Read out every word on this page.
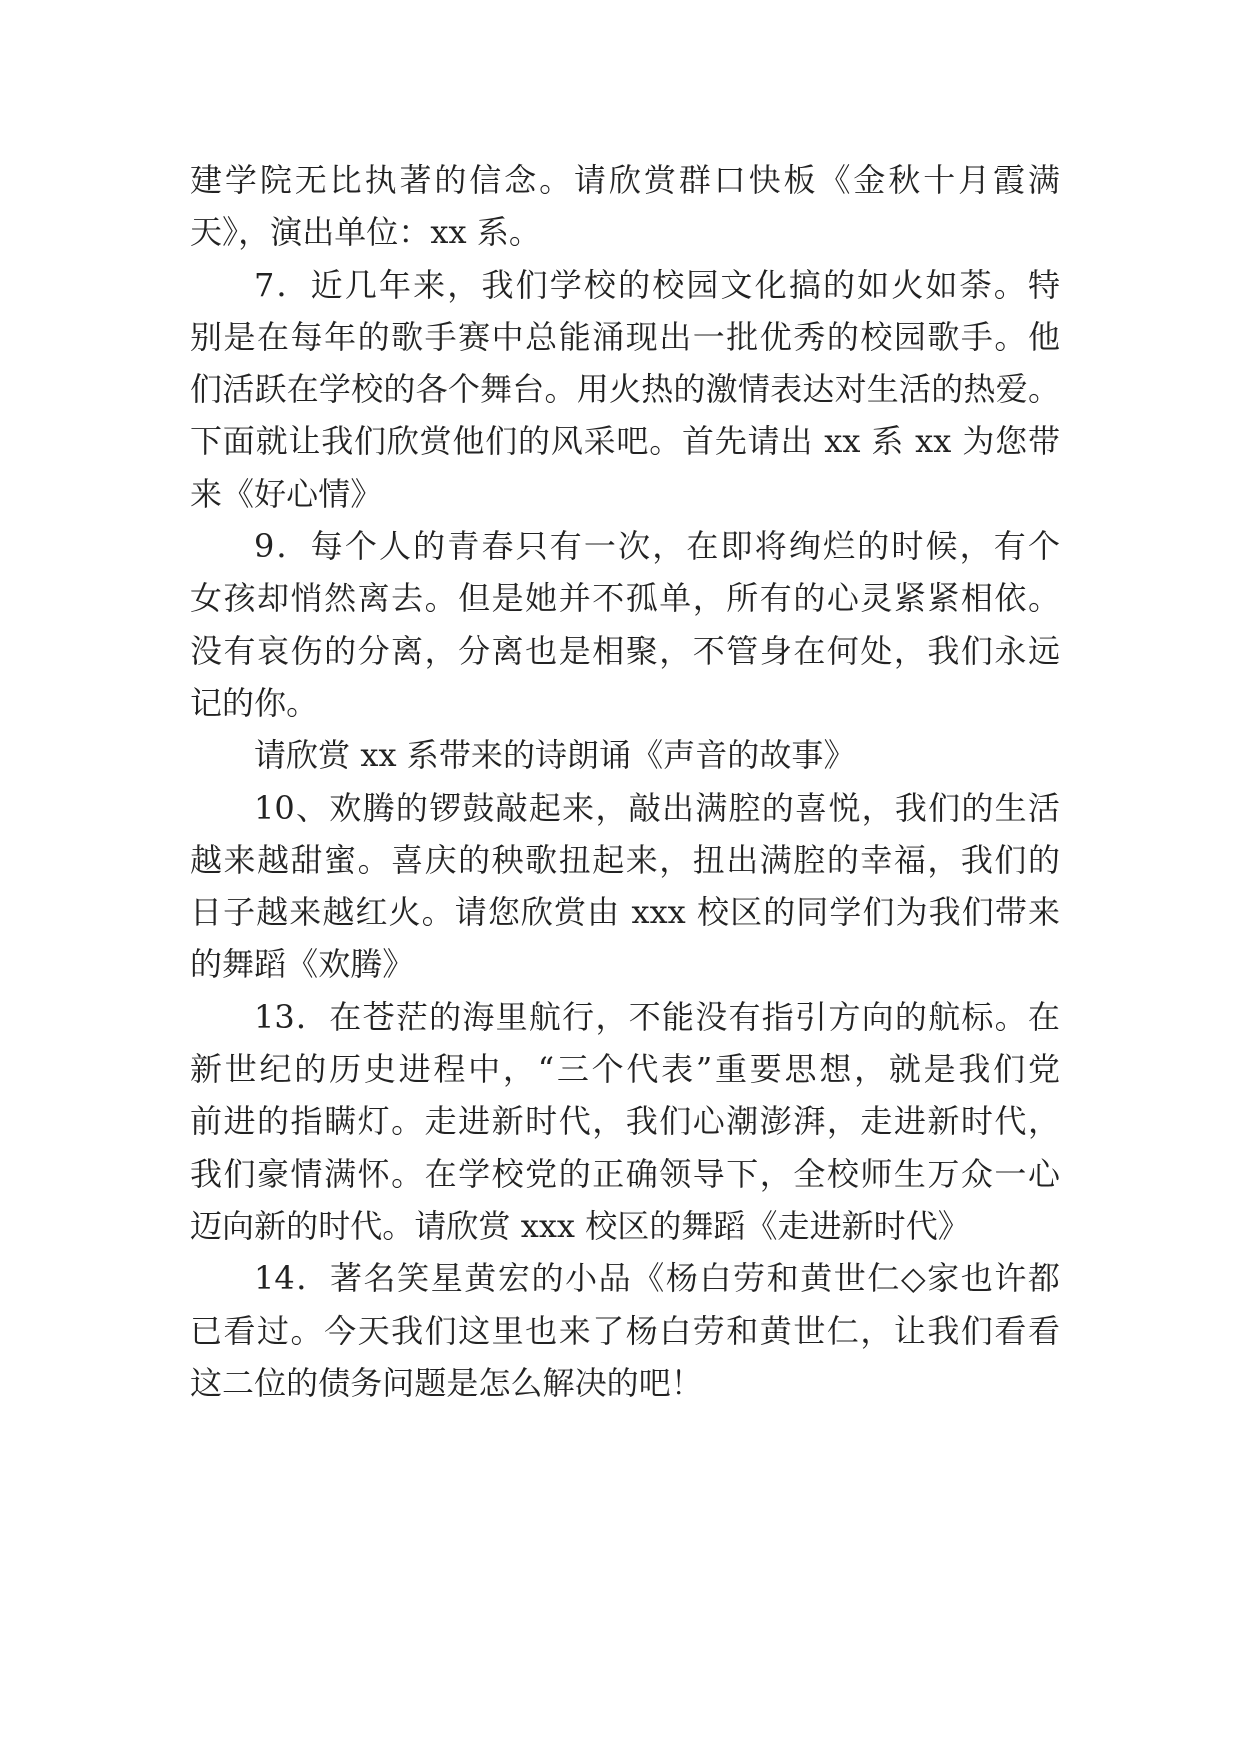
建学院无比执著的信念。请欣赏群口快板《金秋十月霞满
天》，演出单位：xx 系。
7．近几年来，我们学校的校园文化搞的如火如荼。特
别是在每年的歌手赛中总能涌现出一批优秀的校园歌手。他
们活跃在学校的各个舞台。用火热的激情表达对生活的热爱。
下面就让我们欣赏他们的风采吧。首先请出 xx 系 xx 为您带
来《好心情》
9．每个人的青春只有一次，在即将绚烂的时候，有个
女孩却悄然离去。但是她并不孤单，所有的心灵紧紧相依。
没有哀伤的分离，分离也是相聚，不管身在何处，我们永远
记的你。
请欣赏 xx 系带来的诗朗诵《声音的故事》
10、欢腾的锣鼓敲起来，敲出满腔的喜悦，我们的生活
越来越甜蜜。喜庆的秧歌扭起来，扭出满腔的幸福，我们的
日子越来越红火。请您欣赏由 xxx 校区的同学们为我们带来
的舞蹈《欢腾》
13．在苍茫的海里航行，不能没有指引方向的航标。在
新世纪的历史进程中，“三个代表”重要思想，就是我们党
前进的指瞒灯。走进新时代，我们心潮澎湃，走进新时代，
我们豪情满怀。在学校党的正确领导下，全校师生万众一心
迈向新的时代。请欣赏 xxx 校区的舞蹈《走进新时代》
14．著名笑星黄宏的小品《杨白劳和黄世仁◇家也许都
已看过。今天我们这里也来了杨白劳和黄世仁，让我们看看
这二位的债务问题是怎么解决的吧！
